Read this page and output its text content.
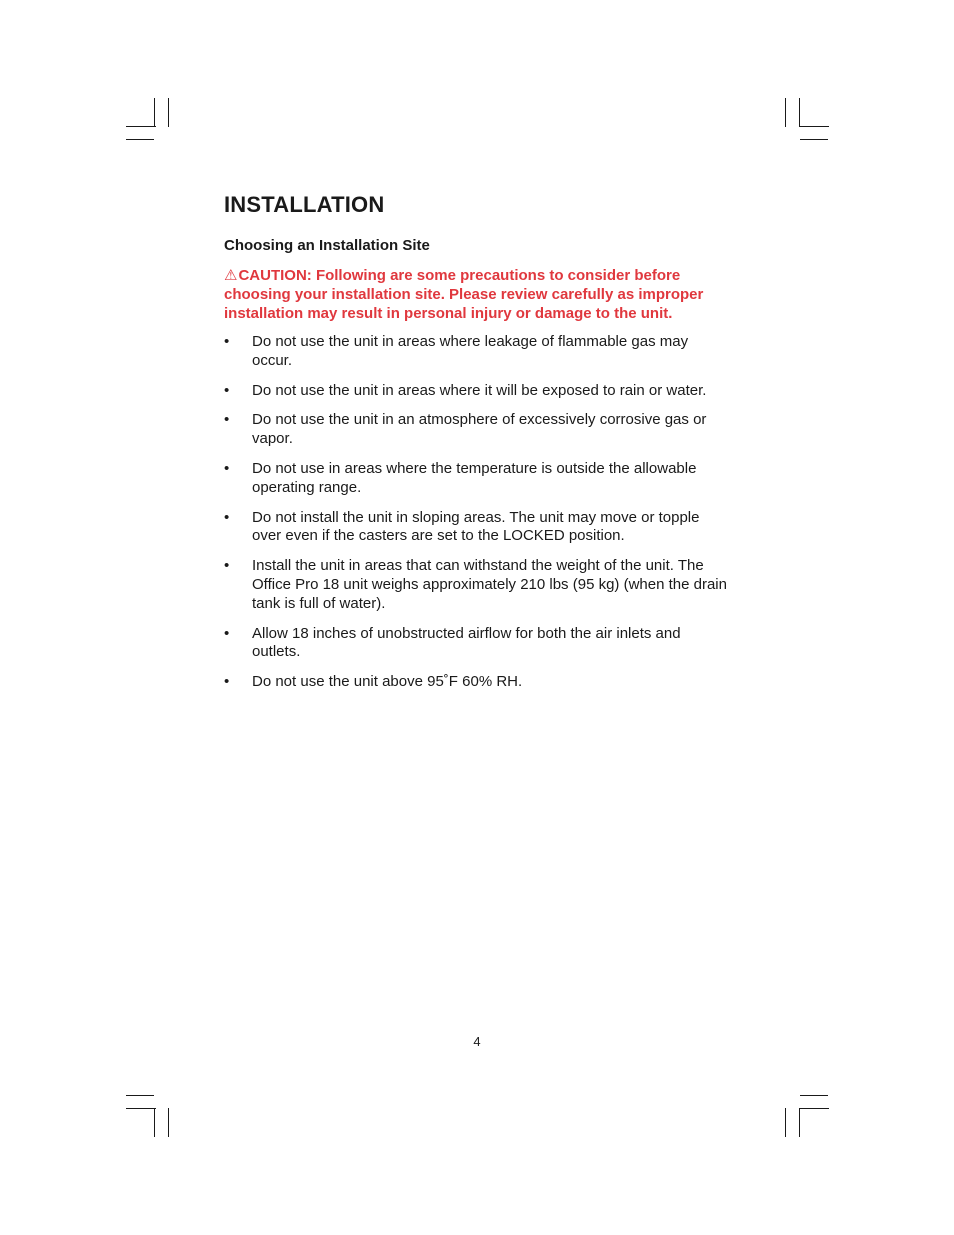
INSTALLATION
Choosing an Installation Site

⚠CAUTION: Following are some precautions to consider before choosing your installation site. Please review carefully as improper installation may result in personal injury or damage to the unit.

• Do not use the unit in areas where leakage of flammable gas may occur.
• Do not use the unit in areas where it will be exposed to rain or water.
• Do not use the unit in an atmosphere of excessively corrosive gas or vapor.
• Do not use in areas where the temperature is outside the allowable operating range.
• Do not install the unit in sloping areas. The unit may move or topple over even if the casters are set to the LOCKED position.
• Install the unit in areas that can withstand the weight of the unit. The Office Pro 18 unit weighs approximately 210 lbs (95 kg) (when the drain tank is full of water).
• Allow 18 inches of unobstructed airflow for both the air inlets and outlets.
• Do not use the unit above 95˚F 60% RH.
4
